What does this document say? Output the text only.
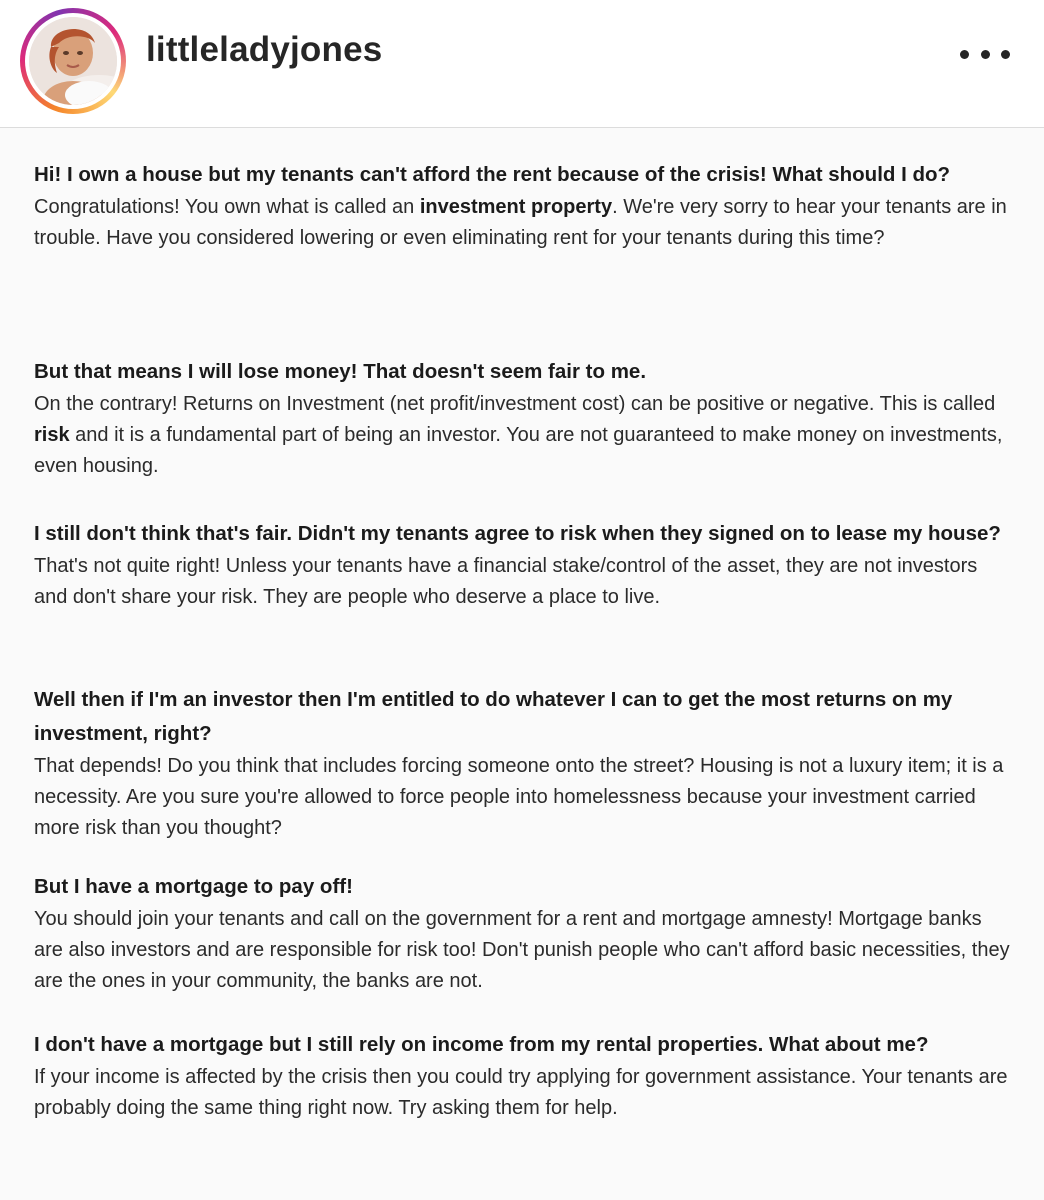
littleladyjones

Hi! I own a house but my tenants can't afford the rent because of the crisis! What should I do?

Congratulations! You own what is called an investment property. We're very sorry to hear your tenants are in trouble. Have you considered lowering or even eliminating rent for your tenants during this time?

But that means I will lose money! That doesn't seem fair to me.

On the contrary! Returns on Investment (net profit/investment cost) can be positive or negative. This is called risk and it is a fundamental part of being an investor. You are not guaranteed to make money on investments, even housing.

I still don't think that's fair. Didn't my tenants agree to risk when they signed on to lease my house?

That's not quite right! Unless your tenants have a financial stake/control of the asset, they are not investors and don't share your risk. They are people who deserve a place to live.

Well then if I'm an investor then I'm entitled to do whatever I can to get the most returns on my investment, right?

That depends! Do you think that includes forcing someone onto the street? Housing is not a luxury item; it is a necessity. Are you sure you're allowed to force people into homelessness because your investment carried more risk than you thought?

But I have a mortgage to pay off!

You should join your tenants and call on the government for a rent and mortgage amnesty! Mortgage banks are also investors and are responsible for risk too! Don't punish people who can't afford basic necessities, they are the ones in your community, the banks are not.

I don't have a mortgage but I still rely on income from my rental properties. What about me?

If your income is affected by the crisis then you could try applying for government assistance. Your tenants are probably doing the same thing right now. Try asking them for help.
